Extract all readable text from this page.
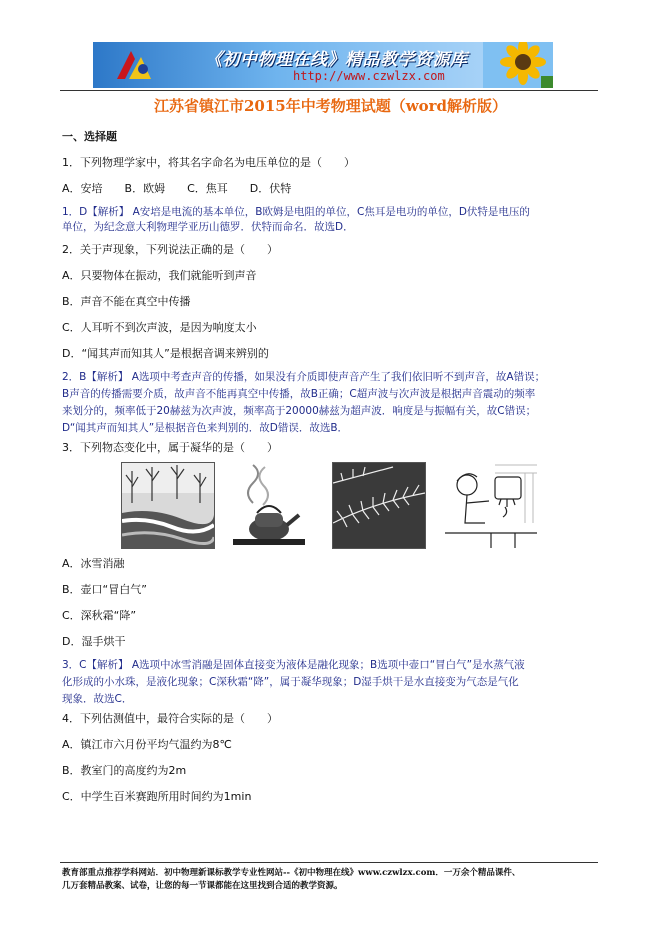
《初中物理在线》精品教学资源库
http://www.czwlzx.com
江苏省镇江市2015年中考物理试题（word解析版）
一、选择题
1．下列物理学家中，将其名字命名为电压单位的是（　　）
A．安培　　B．欧姆　　C．焦耳　　D．伏特
1．D【解析】 A安培是电流的基本单位，B欧姆是电阻的单位，C焦耳是电功的单位，D伏特是电压的
单位，为纪念意大利物理学亚历山德罗．伏特而命名．故选D．
2．关于声现象，下列说法正确的是（　　）
A．只要物体在振动，我们就能听到声音
B．声音不能在真空中传播
C．人耳听不到次声波，是因为响度太小
D．“闻其声而知其人”是根据音调来辨别的
2．B【解析】 A选项中考查声音的传播，如果没有介质即使声音产生了我们依旧听不到声音，故A错误；
B声音的传播需要介质，故声音不能再真空中传播，故B正确；C超声波与次声波是根据声音震动的频率
来划分的，频率低于20赫兹为次声波，频率高于20000赫兹为超声波．响度是与振幅有关，故C错误；
D“闻其声而知其人”是根据音色来判别的．故D错误．故选B．
3．下列物态变化中，属于凝华的是（　　）
A．冰雪消融
B．壶口“冒白气”
C．深秋霜“降”
D．湿手烘干
3．C【解析】 A选项中冰雪消融是固体直接变为液体是融化现象；B选项中壶口“冒白气”是水蒸气液
化形成的小水珠，是液化现象；C深秋霜“降”，属于凝华现象；D湿手烘干是水直接变为气态是气化
现象．故选C．
4．下列估测值中，最符合实际的是（　　）
A．镇江市六月份平均气温约为8℃
B．教室门的高度约为2m
C．中学生百米赛跑所用时间约为1min
教育部重点推荐学科网站．初中物理新课标教学专业性网站--《初中物理在线》www.czwlzx.com．一万余个精品课件、
几万套精品教案、试卷，让您的每一节课都能在这里找到合适的教学资源。
